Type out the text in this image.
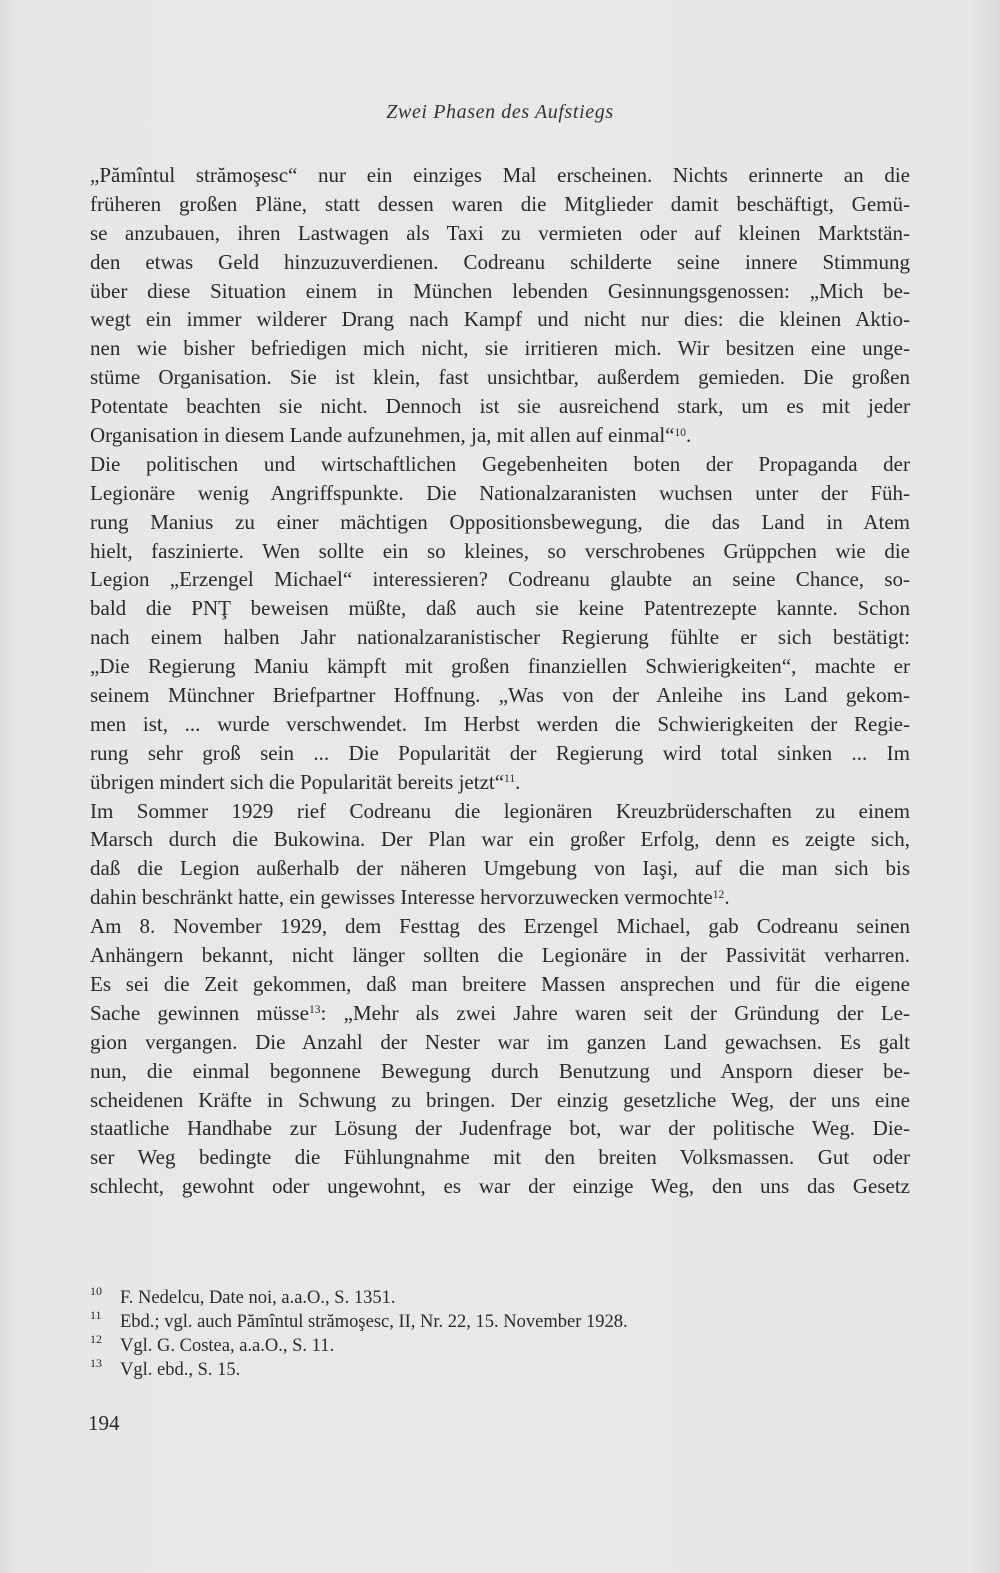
Zwei Phasen des Aufstiegs
„Pămîntul strămoşesc“ nur ein einziges Mal erscheinen. Nichts erinnerte an die
früheren großen Pläne, statt dessen waren die Mitglieder damit beschäftigt, Gemü-
se anzubauen, ihren Lastwagen als Taxi zu vermieten oder auf kleinen Marktstän-
den etwas Geld hinzuzuverdienen. Codreanu schilderte seine innere Stimmung
über diese Situation einem in München lebenden Gesinnungsgenossen: „Mich be-
wegt ein immer wilderer Drang nach Kampf und nicht nur dies: die kleinen Aktio-
nen wie bisher befriedigen mich nicht, sie irritieren mich. Wir besitzen eine unge-
stüme Organisation. Sie ist klein, fast unsichtbar, außerdem gemieden. Die großen
Potentate beachten sie nicht. Dennoch ist sie ausreichend stark, um es mit jeder
Organisation in diesem Lande aufzunehmen, ja, mit allen auf einmal“$^{10}$.
Die politischen und wirtschaftlichen Gegebenheiten boten der Propaganda der
Legionäre wenig Angriffspunkte. Die Nationalzaranisten wuchsen unter der Füh-
rung Manius zu einer mächtigen Oppositionsbewegung, die das Land in Atem
hielt, faszinierte. Wen sollte ein so kleines, so verschrobenes Grüppchen wie die
Legion „Erzengel Michael“ interessieren? Codreanu glaubte an seine Chance, so-
bald die PNŢ beweisen müßte, daß auch sie keine Patentrezepte kannte. Schon
nach einem halben Jahr nationalzaranistischer Regierung fühlte er sich bestätigt:
„Die Regierung Maniu kämpft mit großen finanziellen Schwierigkeiten“, machte er
seinem Münchner Briefpartner Hoffnung. „Was von der Anleihe ins Land gekom-
men ist, ... wurde verschwendet. Im Herbst werden die Schwierigkeiten der Regie-
rung sehr groß sein ... Die Popularität der Regierung wird total sinken ... Im
übrigen mindert sich die Popularität bereits jetzt“$^{11}$.
Im Sommer 1929 rief Codreanu die legionären Kreuzbrüderschaften zu einem
Marsch durch die Bukowina. Der Plan war ein großer Erfolg, denn es zeigte sich,
daß die Legion außerhalb der näheren Umgebung von Iaşi, auf die man sich bis
dahin beschränkt hatte, ein gewisses Interesse hervorzuwecken vermochte$^{12}$.
Am 8. November 1929, dem Festtag des Erzengel Michael, gab Codreanu seinen
Anhängern bekannt, nicht länger sollten die Legionäre in der Passivität verharren.
Es sei die Zeit gekommen, daß man breitere Massen ansprechen und für die eigene
Sache gewinnen müsse$^{13}$: „Mehr als zwei Jahre waren seit der Gründung der Le-
gion vergangen. Die Anzahl der Nester war im ganzen Land gewachsen. Es galt
nun, die einmal begonnene Bewegung durch Benutzung und Ansporn dieser be-
scheidenen Kräfte in Schwung zu bringen. Der einzig gesetzliche Weg, der uns eine
staatliche Handhabe zur Lösung der Judenfrage bot, war der politische Weg. Die-
ser Weg bedingte die Fühlungnahme mit den breiten Volksmassen. Gut oder
schlecht, gewohnt oder ungewohnt, es war der einzige Weg, den uns das Gesetz
10 F. Nedelcu, Date noi, a.a.O., S. 1351.
11 Ebd.; vgl. auch Pămîntul strămoşesc, II, Nr. 22, 15. November 1928.
12 Vgl. G. Costea, a.a.O., S. 11.
13 Vgl. ebd., S. 15.
194
